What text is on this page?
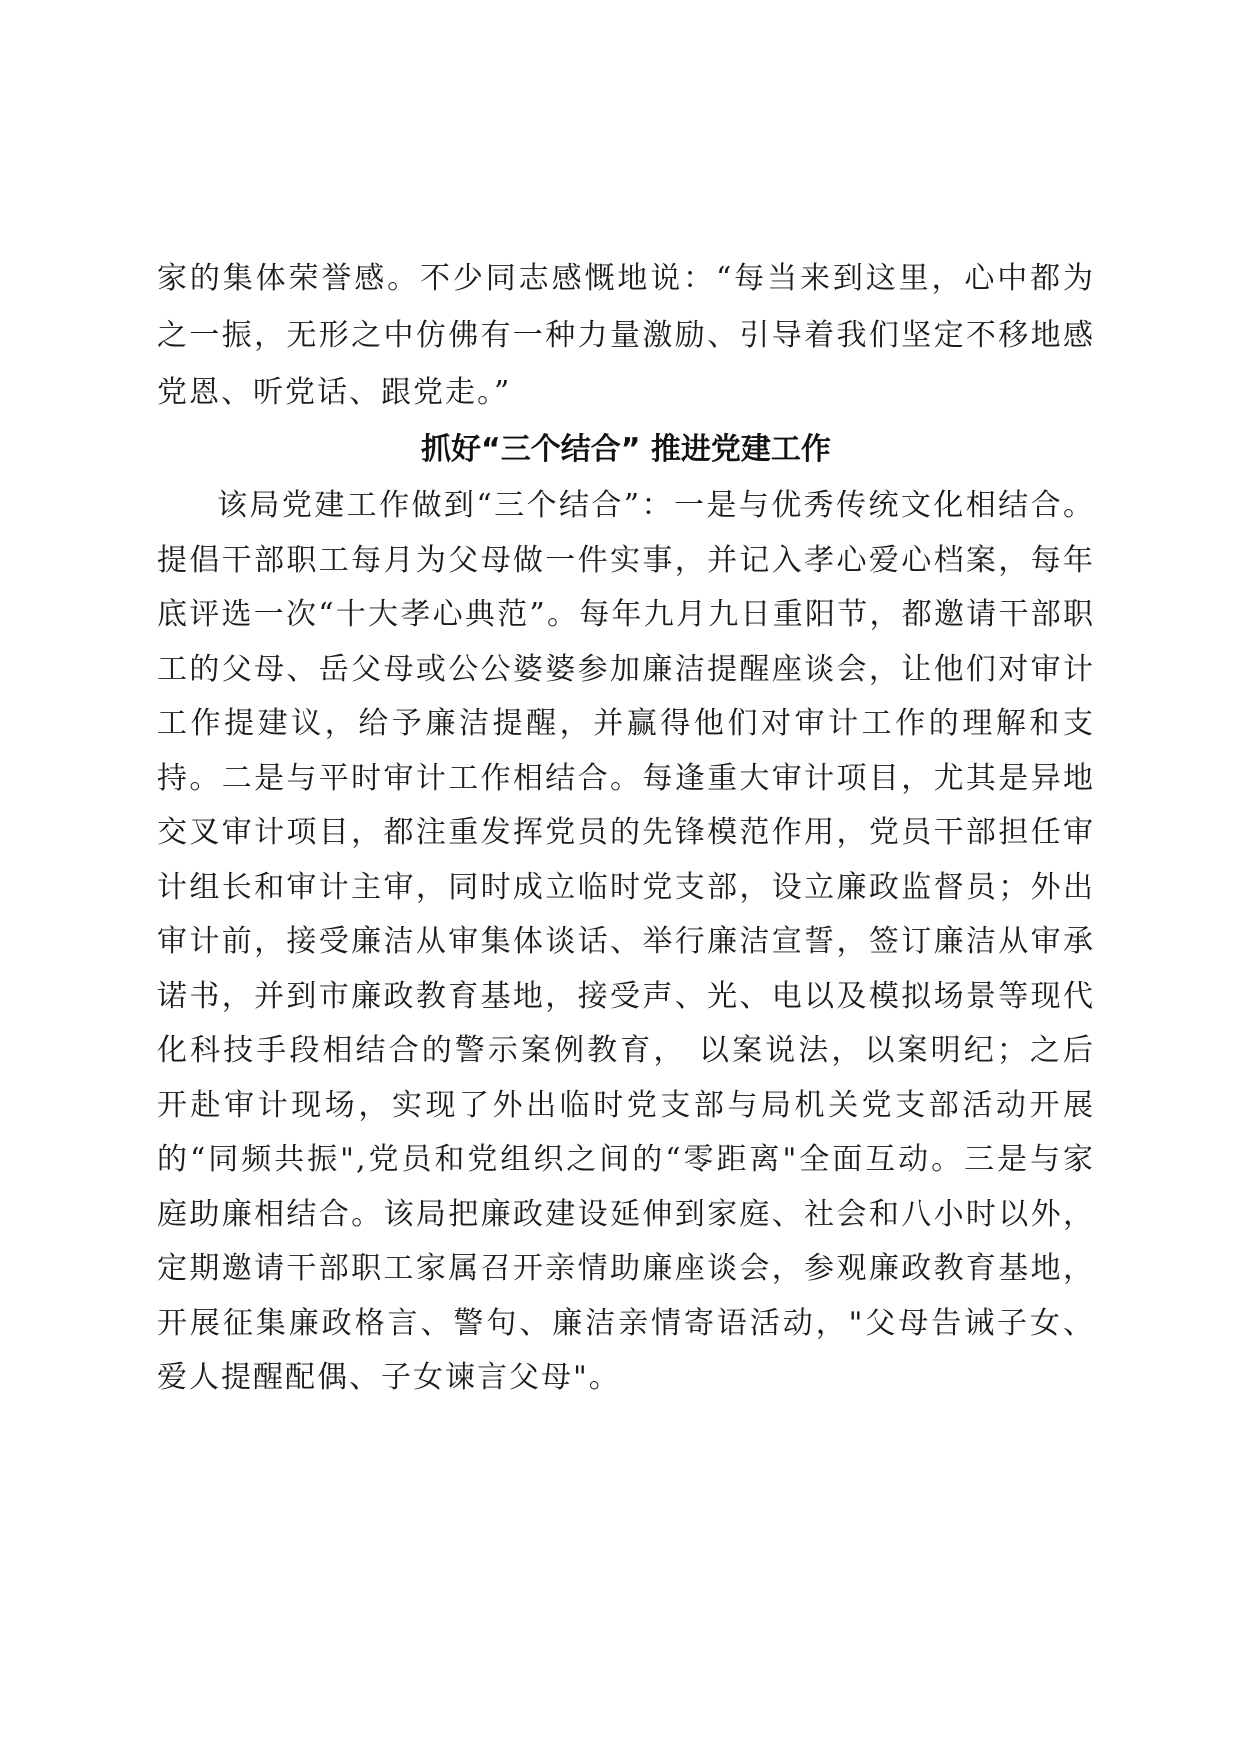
家的集体荣誉感。不少同志感慨地说：“每当来到这里，心中都为之一振，无形之中仿佛有一种力量激励、引导着我们坚定不移地感党恩、听党话、跟党走。”

抓好“三个结合” 推进党建工作

该局党建工作做到“三个结合”：一是与优秀传统文化相结合。提倡干部职工每月为父母做一件实事，并记入孝心爱心档案，每年底评选一次“十大孝心典范”。每年九月九日重阳节，都邀请干部职工的父母、岳父母或公公婆婆参加廉洁提醒座谈会，让他们对审计工作提建议，给予廉洁提醒，并赢得他们对审计工作的理解和支持。二是与平时审计工作相结合。每逢重大审计项目，尤其是异地交叉审计项目，都注重发挥党员的先锋模范作用，党员干部担任审计组长和审计主审，同时成立临时党支部，设立廉政监督员；外出审计前，接受廉洁从审集体谈话、举行廉洁宣誓，签订廉洁从审承诺书，并到市廉政教育基地，接受声、光、电以及模拟场景等现代化科技手段相结合的警示案例教育， 以案说法，以案明纪；之后开赴审计现场，实现了外出临时党支部与局机关党支部活动开展的“同频共振",党员和党组织之间的“零距离"全面互动。三是与家庭助廉相结合。该局把廉政建设延伸到家庭、社会和八小时以外，定期邀请干部职工家属召开亲情助廉座谈会，参观廉政教育基地，开展征集廉政格言、警句、廉洁亲情寄语活动，"父母告诫子女、爱人提醒配偶、子女谏言父母"。
